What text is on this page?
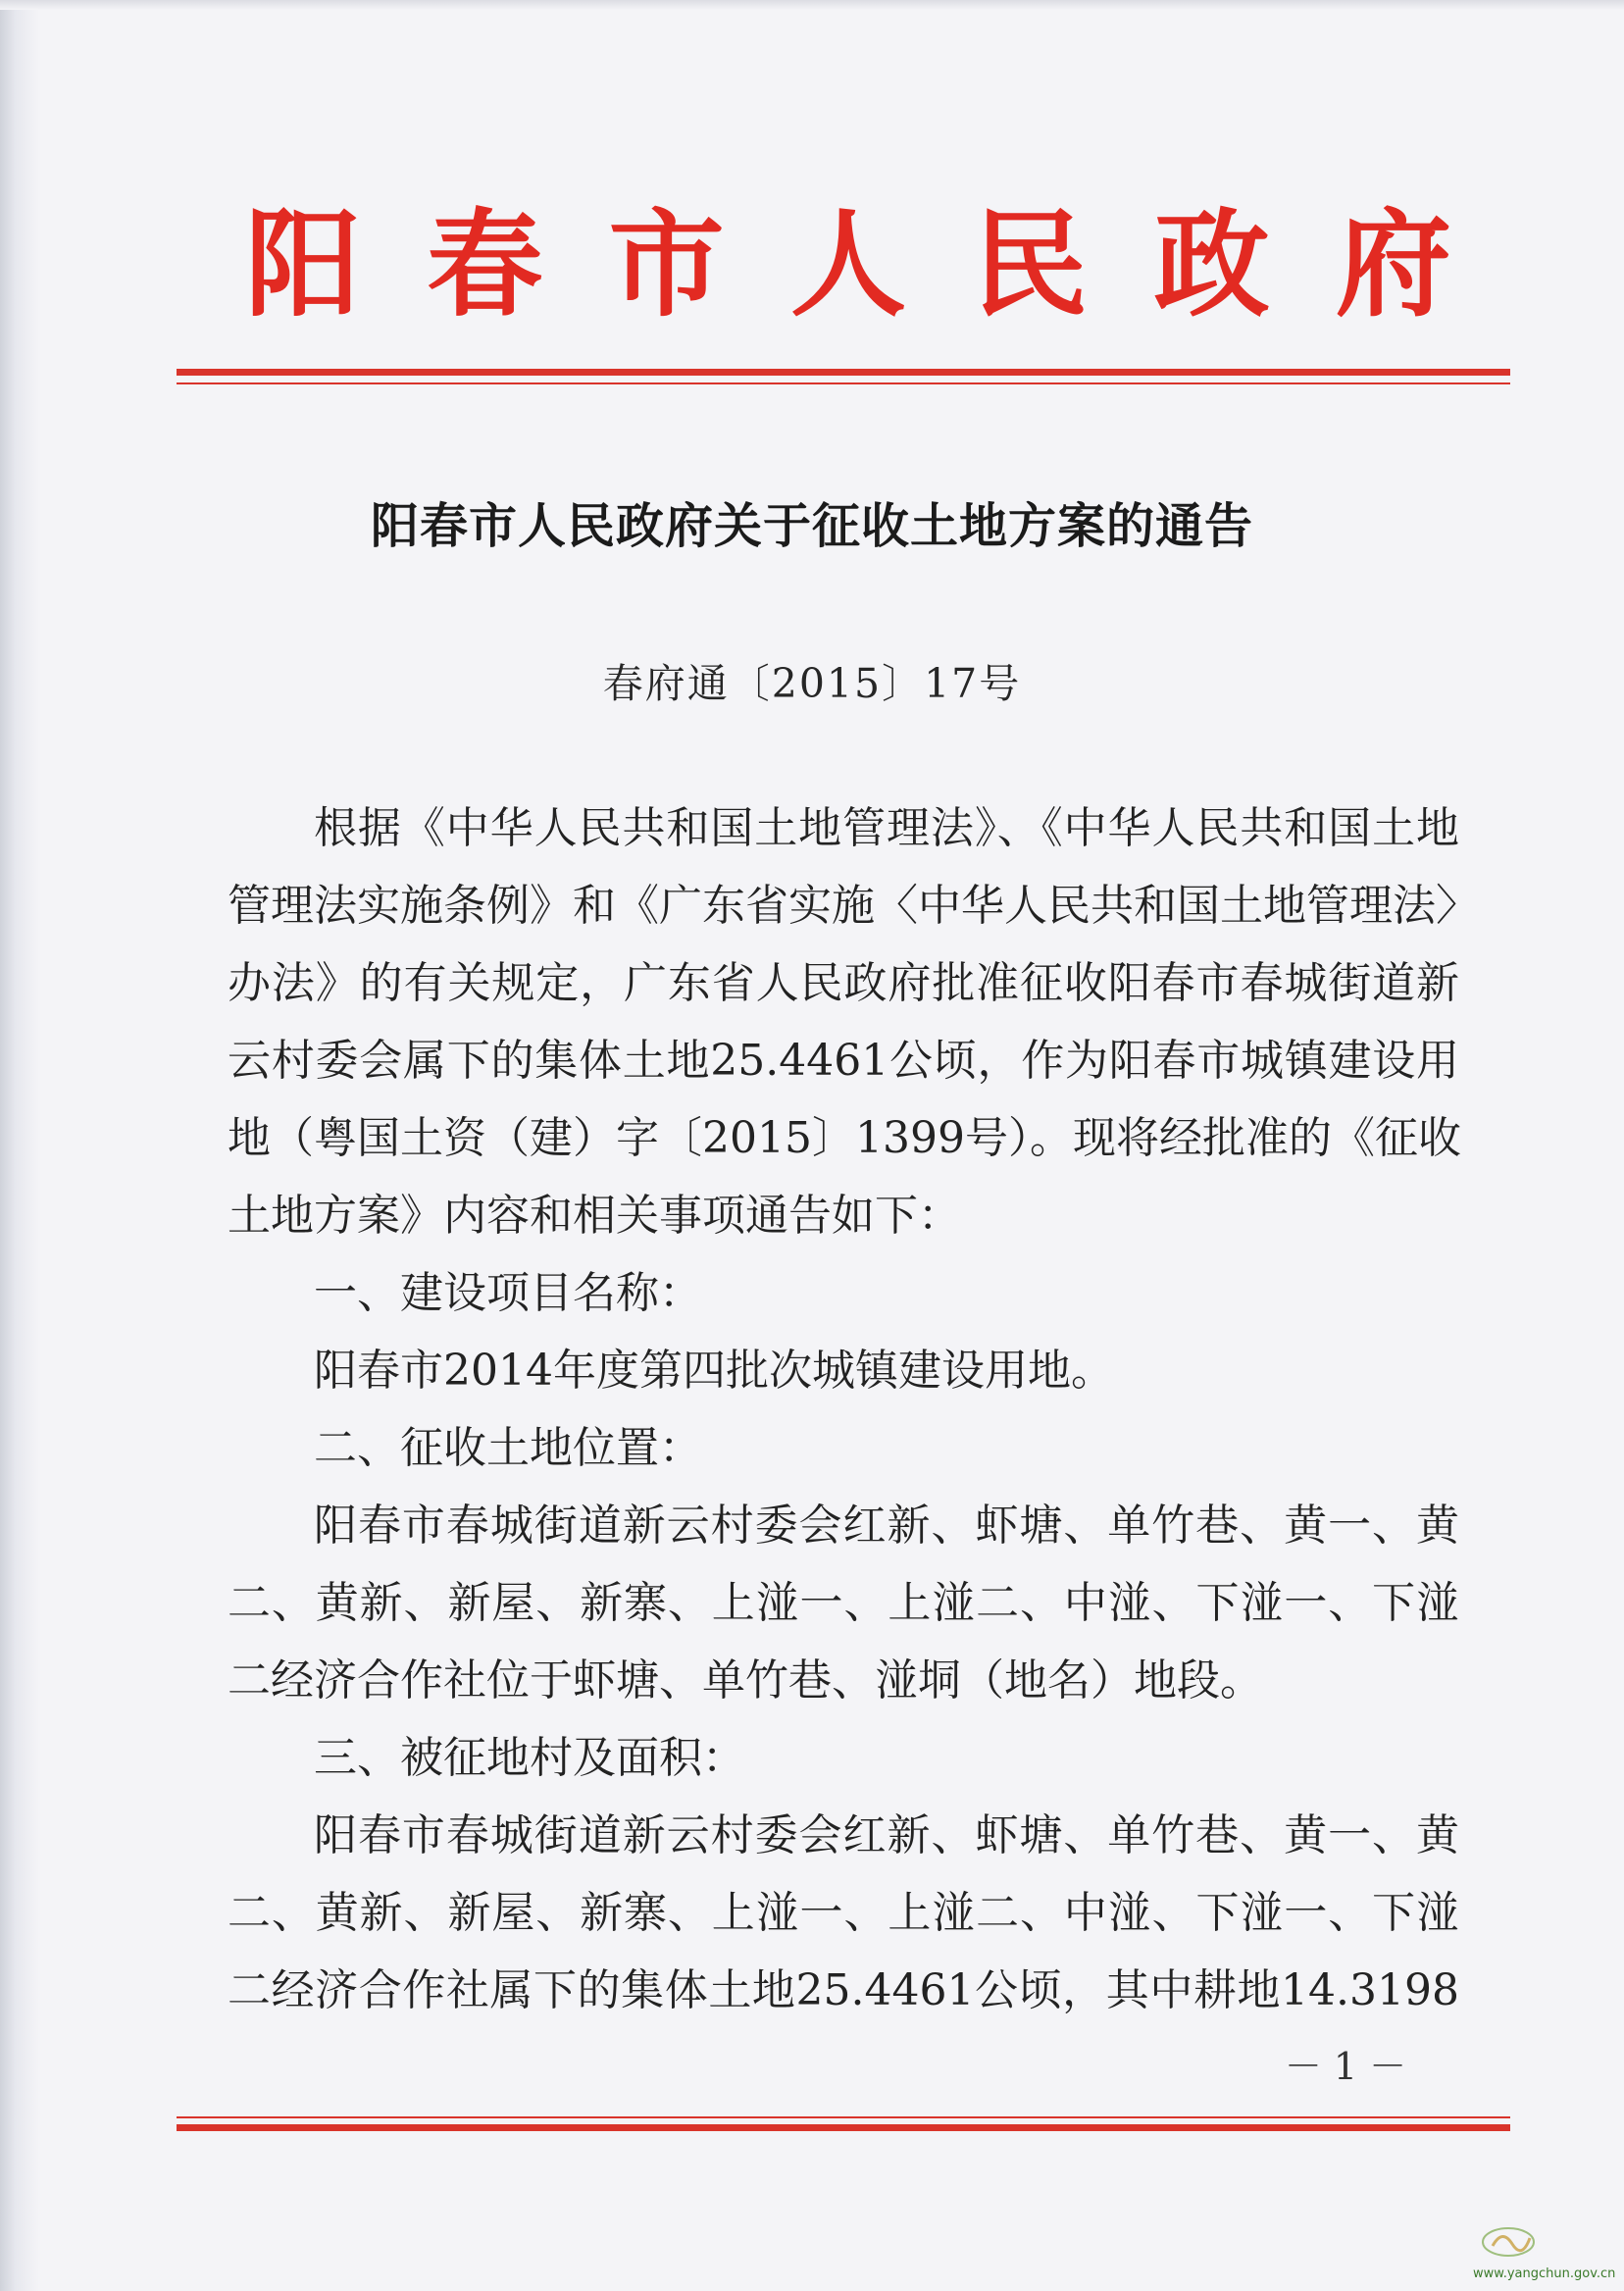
阳 春 市 人 民 政 府
阳春市人民政府关于征收土地方案的通告
春府通〔2015〕17号
根据《中华人民共和国土地管理法》、《中华人民共和国土地
管理法实施条例》和《广东省实施〈中华人民共和国土地管理法〉
办法》的有关规定，广东省人民政府批准征收阳春市春城街道新
云村委会属下的集体土地25.4461公顷，作为阳春市城镇建设用
地（粤国土资（建）字〔2015〕1399号）。现将经批准的《征收
土地方案》内容和相关事项通告如下：
一、建设项目名称：
阳春市2014年度第四批次城镇建设用地。
二、征收土地位置：
阳春市春城街道新云村委会红新、虾塘、单竹巷、黄一、黄
二、黄新、新屋、新寨、上湴一、上湴二、中湴、下湴一、下湴
二经济合作社位于虾塘、单竹巷、湴垌（地名）地段。
三、被征地村及面积：
阳春市春城街道新云村委会红新、虾塘、单竹巷、黄一、黄
二、黄新、新屋、新寨、上湴一、上湴二、中湴、下湴一、下湴
二经济合作社属下的集体土地25.4461公顷，其中耕地14.3198
－ 1 －
www.yangchun.gov.cn
